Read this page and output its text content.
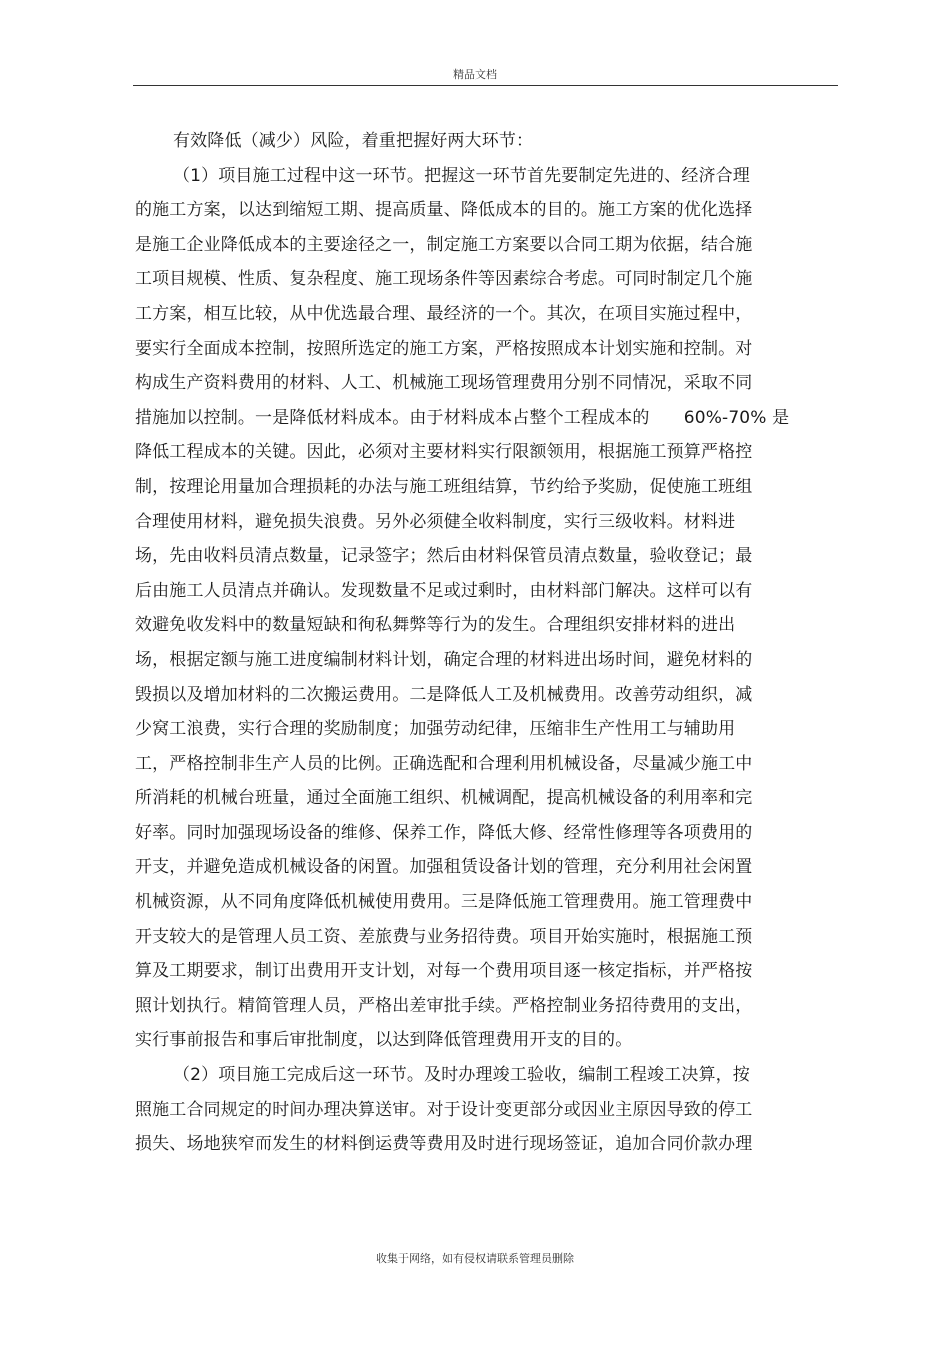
精品文档
有效降低（减少）风险，着重把握好两大环节：
（1）项目施工过程中这一环节。把握这一环节首先要制定先进的、经济合理
的施工方案，以达到缩短工期、提高质量、降低成本的目的。施工方案的优化选择
是施工企业降低成本的主要途径之一，制定施工方案要以合同工期为依据，结合施
工项目规模、性质、复杂程度、施工现场条件等因素综合考虑。可同时制定几个施
工方案，相互比较，从中优选最合理、最经济的一个。其次，在项目实施过程中，
要实行全面成本控制，按照所选定的施工方案，严格按照成本计划实施和控制。对
构成生产资料费用的材料、人工、机械施工现场管理费用分别不同情况，采取不同
措施加以控制。一是降低材料成本。由于材料成本占整个工程成本的　　60%-70% 是
降低工程成本的关键。因此，必须对主要材料实行限额领用，根据施工预算严格控
制，按理论用量加合理损耗的办法与施工班组结算，节约给予奖励，促使施工班组
合理使用材料，避免损失浪费。另外必须健全收料制度，实行三级收料。材料进
场，先由收料员清点数量，记录签字；然后由材料保管员清点数量，验收登记；最
后由施工人员清点并确认。发现数量不足或过剩时，由材料部门解决。这样可以有
效避免收发料中的数量短缺和徇私舞弊等行为的发生。合理组织安排材料的进出
场，根据定额与施工进度编制材料计划，确定合理的材料进出场时间，避免材料的
毁损以及增加材料的二次搬运费用。二是降低人工及机械费用。改善劳动组织，减
少窝工浪费，实行合理的奖励制度；加强劳动纪律，压缩非生产性用工与辅助用
工，严格控制非生产人员的比例。正确选配和合理利用机械设备，尽量减少施工中
所消耗的机械台班量，通过全面施工组织、机械调配，提高机械设备的利用率和完
好率。同时加强现场设备的维修、保养工作，降低大修、经常性修理等各项费用的
开支，并避免造成机械设备的闲置。加强租赁设备计划的管理，充分利用社会闲置
机械资源，从不同角度降低机械使用费用。三是降低施工管理费用。施工管理费中
开支较大的是管理人员工资、差旅费与业务招待费。项目开始实施时，根据施工预
算及工期要求，制订出费用开支计划，对每一个费用项目逐一核定指标，并严格按
照计划执行。精简管理人员，严格出差审批手续。严格控制业务招待费用的支出，
实行事前报告和事后审批制度，以达到降低管理费用开支的目的。
（2）项目施工完成后这一环节。及时办理竣工验收，编制工程竣工决算，按
照施工合同规定的时间办理决算送审。对于设计变更部分或因业主原因导致的停工
损失、场地狭窄而发生的材料倒运费等费用及时进行现场签证，追加合同价款办理
收集于网络，如有侵权请联系管理员删除
